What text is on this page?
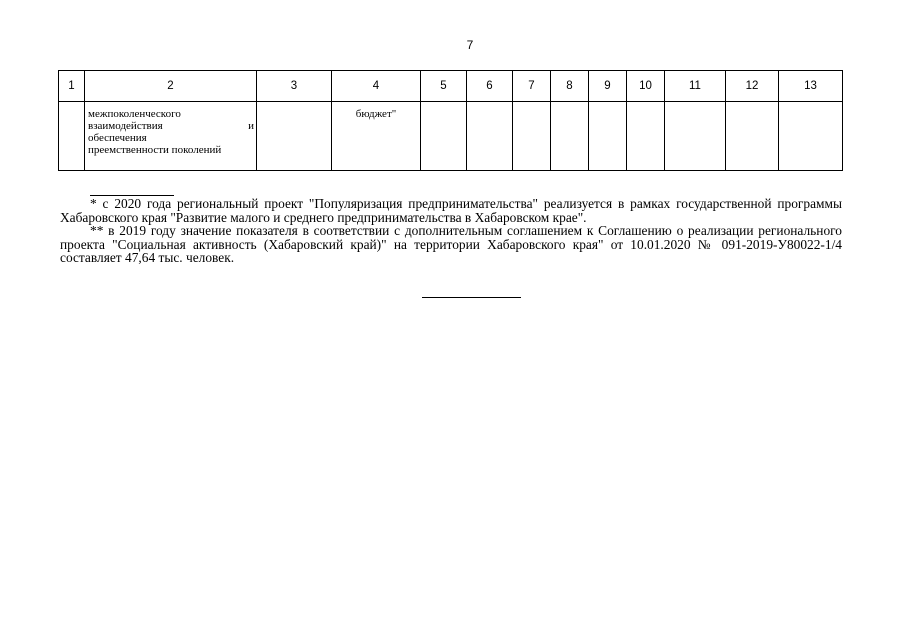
7
1	2	3	4	5	6	7	8	9	10	11	12	13

	межпоколенческого
взаимодействия и
обеспечения
преемственности поколений		бюджет"									

* с 2020 года региональный проект "Популяризация предпринимательства" реализуется в рамках государственной программы Хабаровского края "Развитие малого и среднего предпринимательства в Хабаровском крае".

** в 2019 году значение показателя в соответствии с дополнительным соглашением к Соглашению о реализации регионального проекта "Социальная активность (Хабаровский край)" на территории Хабаровского края" от 10.01.2020 № 091-2019-У80022-1/4 составляет 47,64 тыс. человек.
